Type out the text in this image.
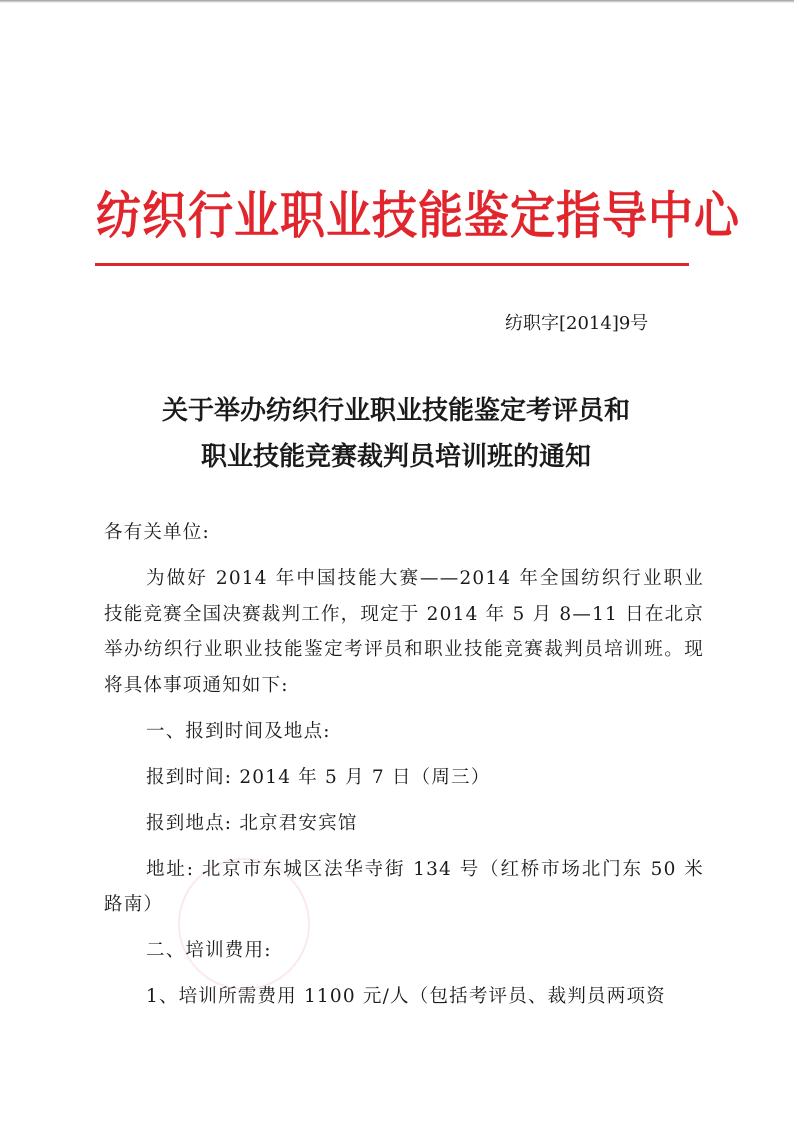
纺织行业职业技能鉴定指导中心
纺职字[2014]9号
关于举办纺织行业职业技能鉴定考评员和
职业技能竞赛裁判员培训班的通知

各有关单位:

为做好 2014 年中国技能大赛——2014 年全国纺织行业职业技能竞赛全国决赛裁判工作，现定于 2014 年 5 月 8—11 日在北京举办纺织行业职业技能鉴定考评员和职业技能竞赛裁判员培训班。现将具体事项通知如下:

一、报到时间及地点:

报到时间: 2014 年 5 月 7 日（周三）

报到地点: 北京君安宾馆

地址: 北京市东城区法华寺街 134 号（红桥市场北门东 50 米路南）

二、培训费用:

1、培训所需费用 1100 元/人（包括考评员、裁判员两项资
